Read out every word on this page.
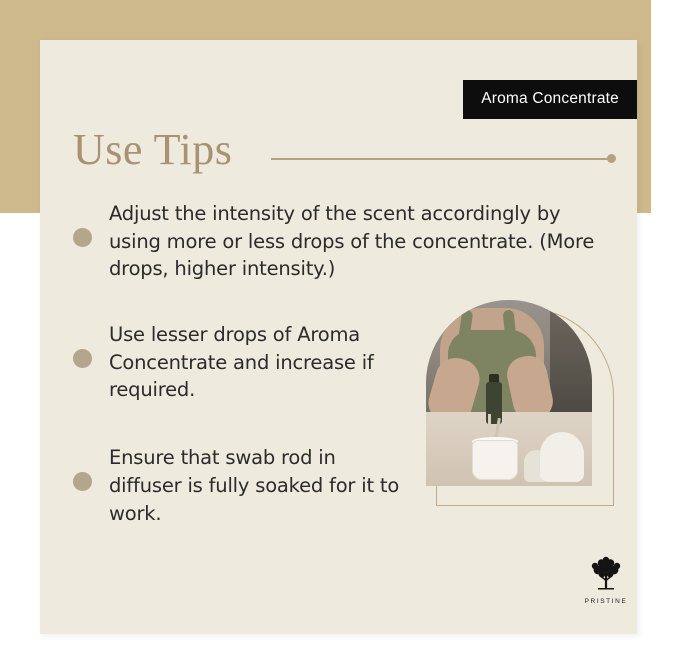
Aroma Concentrate
Use Tips
Adjust the intensity of the scent accordingly by using more or less drops of the concentrate. (More drops, higher intensity.)
Use lesser drops of Aroma Concentrate and increase if required.
Ensure that swab rod in diffuser is fully soaked for it to work.
PRISTINE
